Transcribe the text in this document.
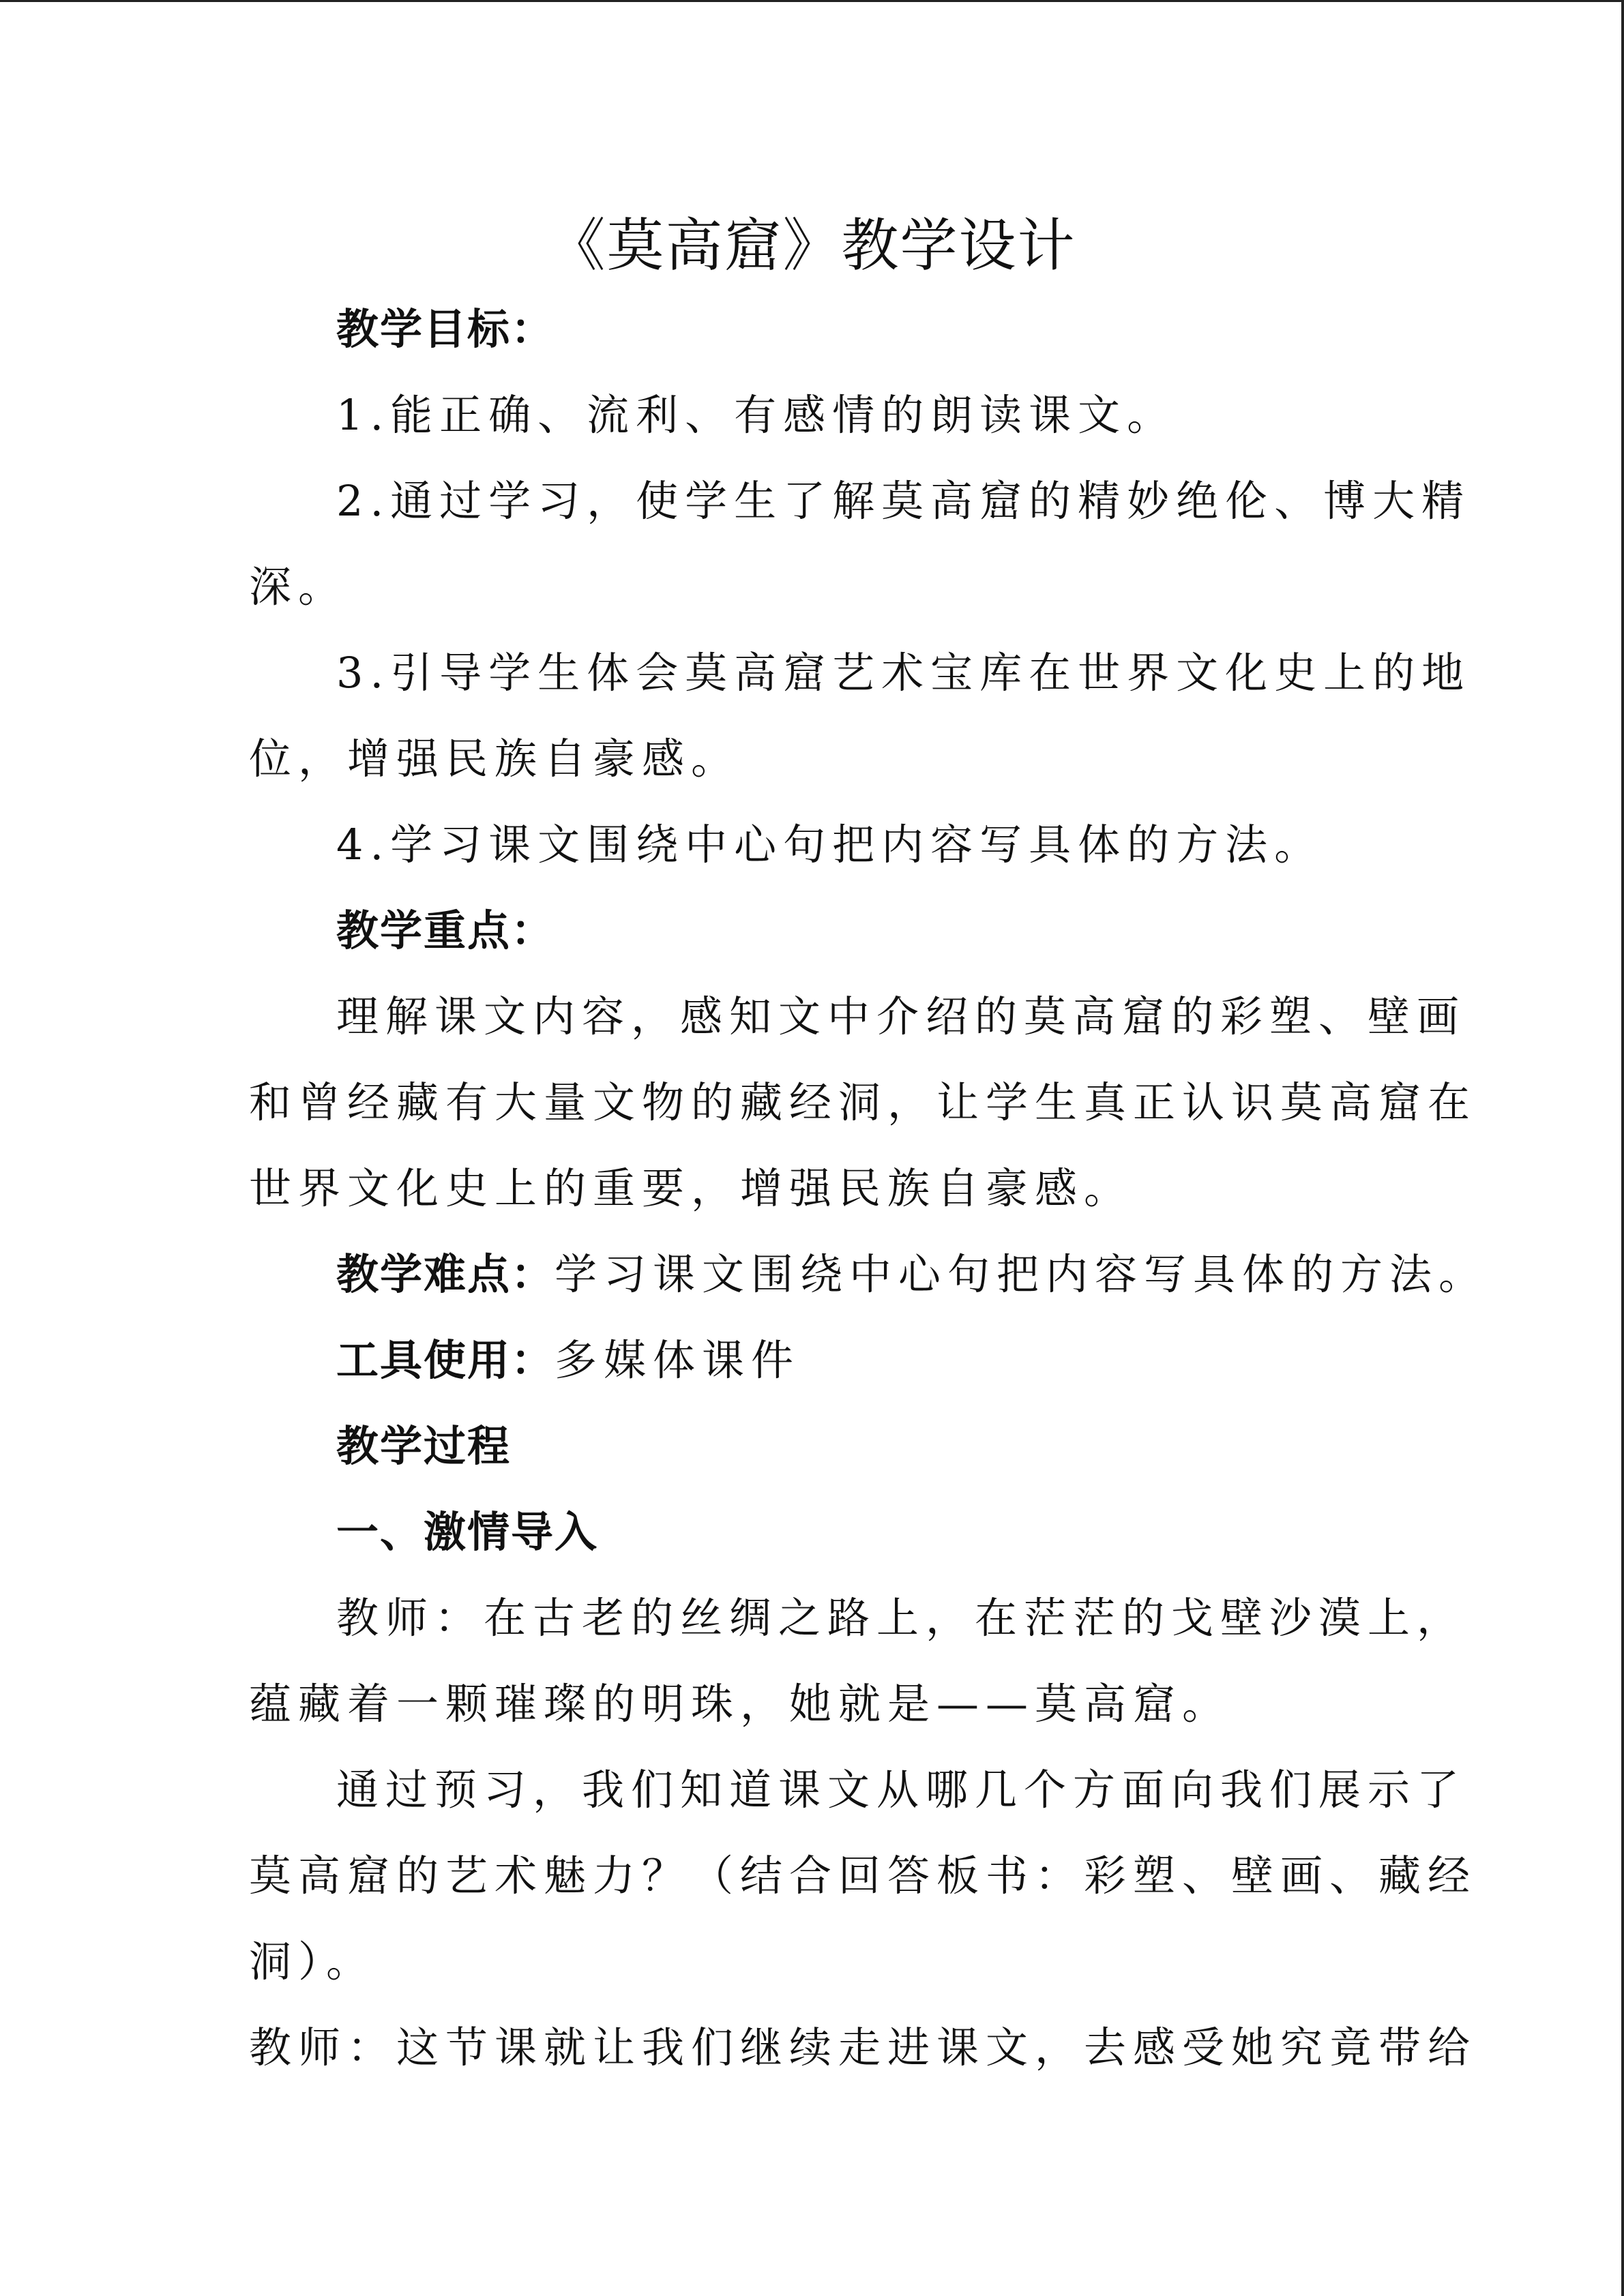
《莫高窟》教学设计
教学目标：
1.能正确、流利、有感情的朗读课文。
2.通过学习，使学生了解莫高窟的精妙绝伦、博大精
深。
3.引导学生体会莫高窟艺术宝库在世界文化史上的地
位，增强民族自豪感。
4.学习课文围绕中心句把内容写具体的方法。
教学重点：
理解课文内容，感知文中介绍的莫高窟的彩塑、壁画
和曾经藏有大量文物的藏经洞，让学生真正认识莫高窟在
世界文化史上的重要，增强民族自豪感。
教学难点：学习课文围绕中心句把内容写具体的方法。
工具使用：多媒体课件
教学过程
一、激情导入
教师：在古老的丝绸之路上，在茫茫的戈壁沙漠上，
蕴藏着一颗璀璨的明珠，她就是——莫高窟。
通过预习，我们知道课文从哪几个方面向我们展示了
莫高窟的艺术魅力？（结合回答板书：彩塑、壁画、藏经
洞）。
教师：这节课就让我们继续走进课文，去感受她究竟带给
